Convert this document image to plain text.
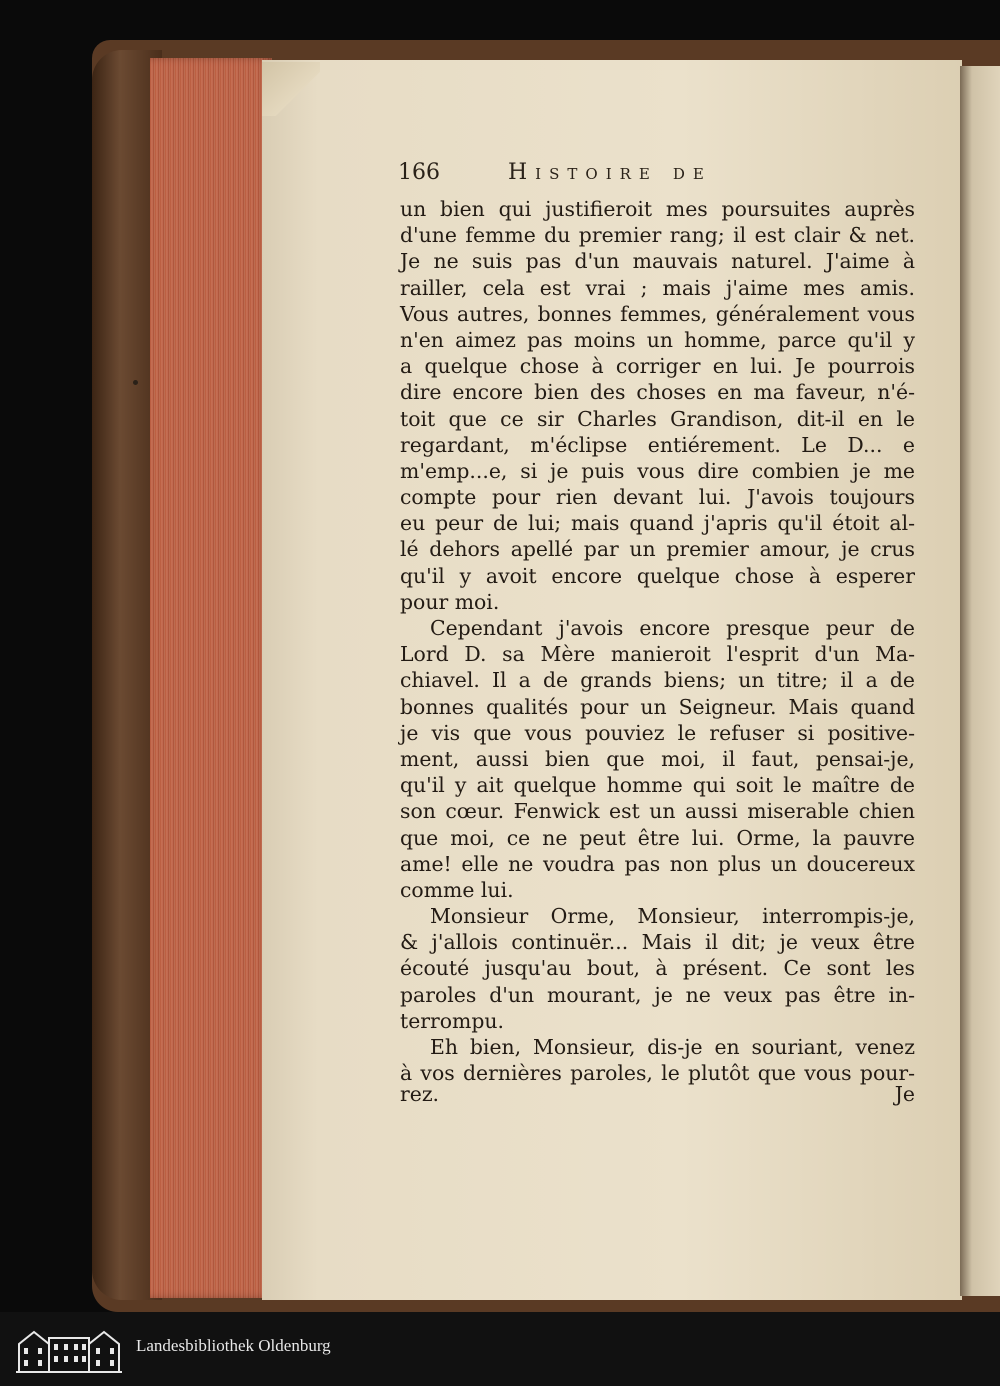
166	Histoire de
un bien qui justifieroit mes poursuites auprès
d'une femme du premier rang; il est clair & net.
Je ne suis pas d'un mauvais naturel. J'aime à
railler, cela est vrai ; mais j'aime mes amis.
Vous autres, bonnes femmes, généralement vous
n'en aimez pas moins un homme, parce qu'il y
a quelque chose à corriger en lui. Je pourrois
dire encore bien des choses en ma faveur, n'é-
toit que ce sir Charles Grandison, dit-il en le
regardant, m'éclipse entiérement. Le D... e
m'emp...e, si je puis vous dire combien je me
compte pour rien devant lui. J'avois toujours
eu peur de lui; mais quand j'apris qu'il étoit al-
lé dehors apellé par un premier amour, je crus
qu'il y avoit encore quelque chose à esperer
pour moi.
Cependant j'avois encore presque peur de
Lord D. sa Mère manieroit l'esprit d'un Ma-
chiavel. Il a de grands biens; un titre; il a de
bonnes qualités pour un Seigneur. Mais quand
je vis que vous pouviez le refuser si positive-
ment, aussi bien que moi, il faut, pensai-je,
qu'il y ait quelque homme qui soit le maître de
son cœur. Fenwick est un aussi miserable chien
que moi, ce ne peut être lui. Orme, la pauvre
ame! elle ne voudra pas non plus un doucereux
comme lui.
Monsieur Orme, Monsieur, interrompis-je,
& j'allois continuër... Mais il dit; je veux être
écouté jusqu'au bout, à présent. Ce sont les
paroles d'un mourant, je ne veux pas être in-
terrompu.
Eh bien, Monsieur, dis-je en souriant, venez
à vos dernières paroles, le plutôt que vous pour-
rez.	Je
Landesbibliothek Oldenburg
